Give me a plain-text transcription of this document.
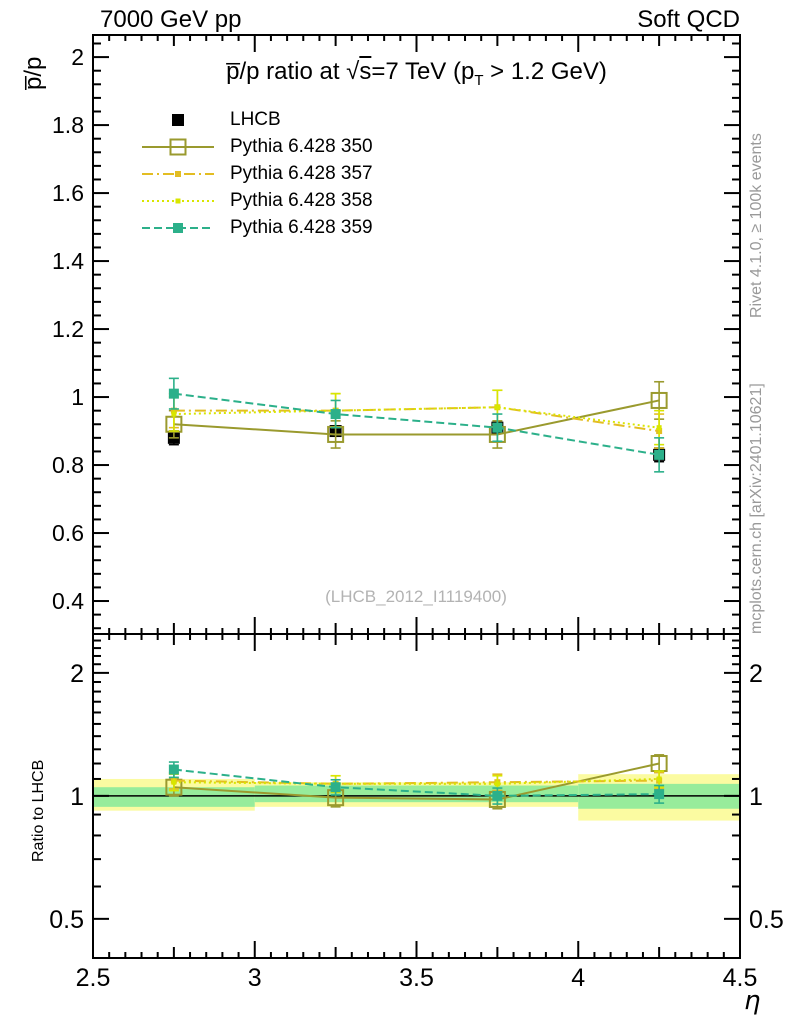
2.5	3	3.5	4	4.5
0.4
0.6
0.8
1
1.2
1.4
1.6
1.8
2
0.5	0.5
1	1
2	2
7000 GeV pp	Soft QCD
p̅/p ratio at √s=7 TeV ($p_T > 1.2$ GeV)
p̅/p
Ratio to LHCB
η
Rivet 4.1.0, ≥ 100k events
mcplots.cern.ch [arXiv:2401.10621]
(LHCB_2012_I1119400)
LHCB
Pythia 6.428 350
Pythia 6.428 357
Pythia 6.428 358
Pythia 6.428 359
